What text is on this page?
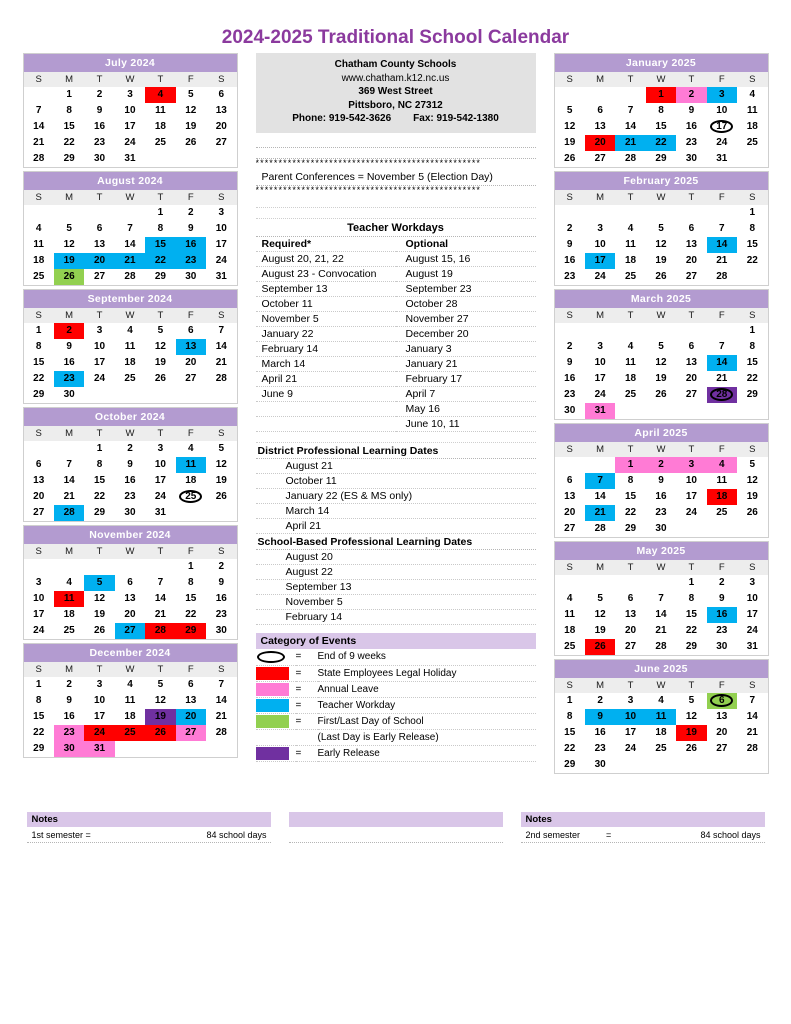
2024-2025 Traditional School Calendar
July 2024
S	M	T	W	T	F	S
	1	2	3	4	5	6
7	8	9	10	11	12	13
14	15	16	17	18	19	20
21	22	23	24	25	26	27
28	29	30	31			
August 2024
S	M	T	W	T	F	S
				1	2	3
4	5	6	7	8	9	10
11	12	13	14	15	16	17
18	19	20	21	22	23	24
25	26	27	28	29	30	31
September 2024
S	M	T	W	T	F	S
1	2	3	4	5	6	7
8	9	10	11	12	13	14
15	16	17	18	19	20	21
22	23	24	25	26	27	28
29	30					
October 2024
S	M	T	W	T	F	S
		1	2	3	4	5
6	7	8	9	10	11	12
13	14	15	16	17	18	19
20	21	22	23	24	25	26
27	28	29	30	31		
November 2024
S	M	T	W	T	F	S
					1	2
3	4	5	6	7	8	9
10	11	12	13	14	15	16
17	18	19	20	21	22	23
24	25	26	27	28	29	30
December 2024
S	M	T	W	T	F	S
1	2	3	4	5	6	7
8	9	10	11	12	13	14
15	16	17	18	19	20	21
22	23	24	25	26	27	28
29	30	31				
Chatham County Schools
www.chatham.k12.nc.us
369 West Street
Pittsboro, NC 27312
Phone: 919-542-3626 Fax: 919-542-1380
*************************************************
Parent Conferences = November 5 (Election Day)
*************************************************
Teacher Workdays
Required*	Optional
August 20, 21, 22	August 15, 16
August 23 - Convocation	August 19
September 13	September 23
October 11	October 28
November 5	November 27
January 22	December 20
February 14	January 3
March 14	January 21
April 21	February 17
June 9	April 7
	May 16
	June 10, 11
District Professional Learning Dates
August 21
October 11
January 22 (ES & MS only)
March 14
April 21
School-Based Professional Learning Dates
August 20
August 22
September 13
November 5
February 14
Category of Events
	=	End of 9 weeks

	=	State Employees Legal Holiday

	=	Annual Leave

	=	Teacher Workday

	=	First/Last Day of School
		(Last Day is Early Release)

	=	Early Release
January 2025
S	M	T	W	T	F	S
			1	2	3	4
5	6	7	8	9	10	11
12	13	14	15	16	17	18
19	20	21	22	23	24	25
26	27	28	29	30	31	
February 2025
S	M	T	W	T	F	S
						1
2	3	4	5	6	7	8
9	10	11	12	13	14	15
16	17	18	19	20	21	22
23	24	25	26	27	28	
March 2025
S	M	T	W	T	F	S
						1
2	3	4	5	6	7	8
9	10	11	12	13	14	15
16	17	18	19	20	21	22
23	24	25	26	27	28	29
30	31					
April 2025
S	M	T	W	T	F	S
		1	2	3	4	5
6	7	8	9	10	11	12
13	14	15	16	17	18	19
20	21	22	23	24	25	26
27	28	29	30			
May 2025
S	M	T	W	T	F	S
				1	2	3
4	5	6	7	8	9	10
11	12	13	14	15	16	17
18	19	20	21	22	23	24
25	26	27	28	29	30	31
June 2025
S	M	T	W	T	F	S
1	2	3	4	5	6	7
8	9	10	11	12	13	14
15	16	17	18	19	20	21
22	23	24	25	26	27	28
29	30					
Notes
1st semester =	84 school days
Notes
2nd semester	=	84 school days
